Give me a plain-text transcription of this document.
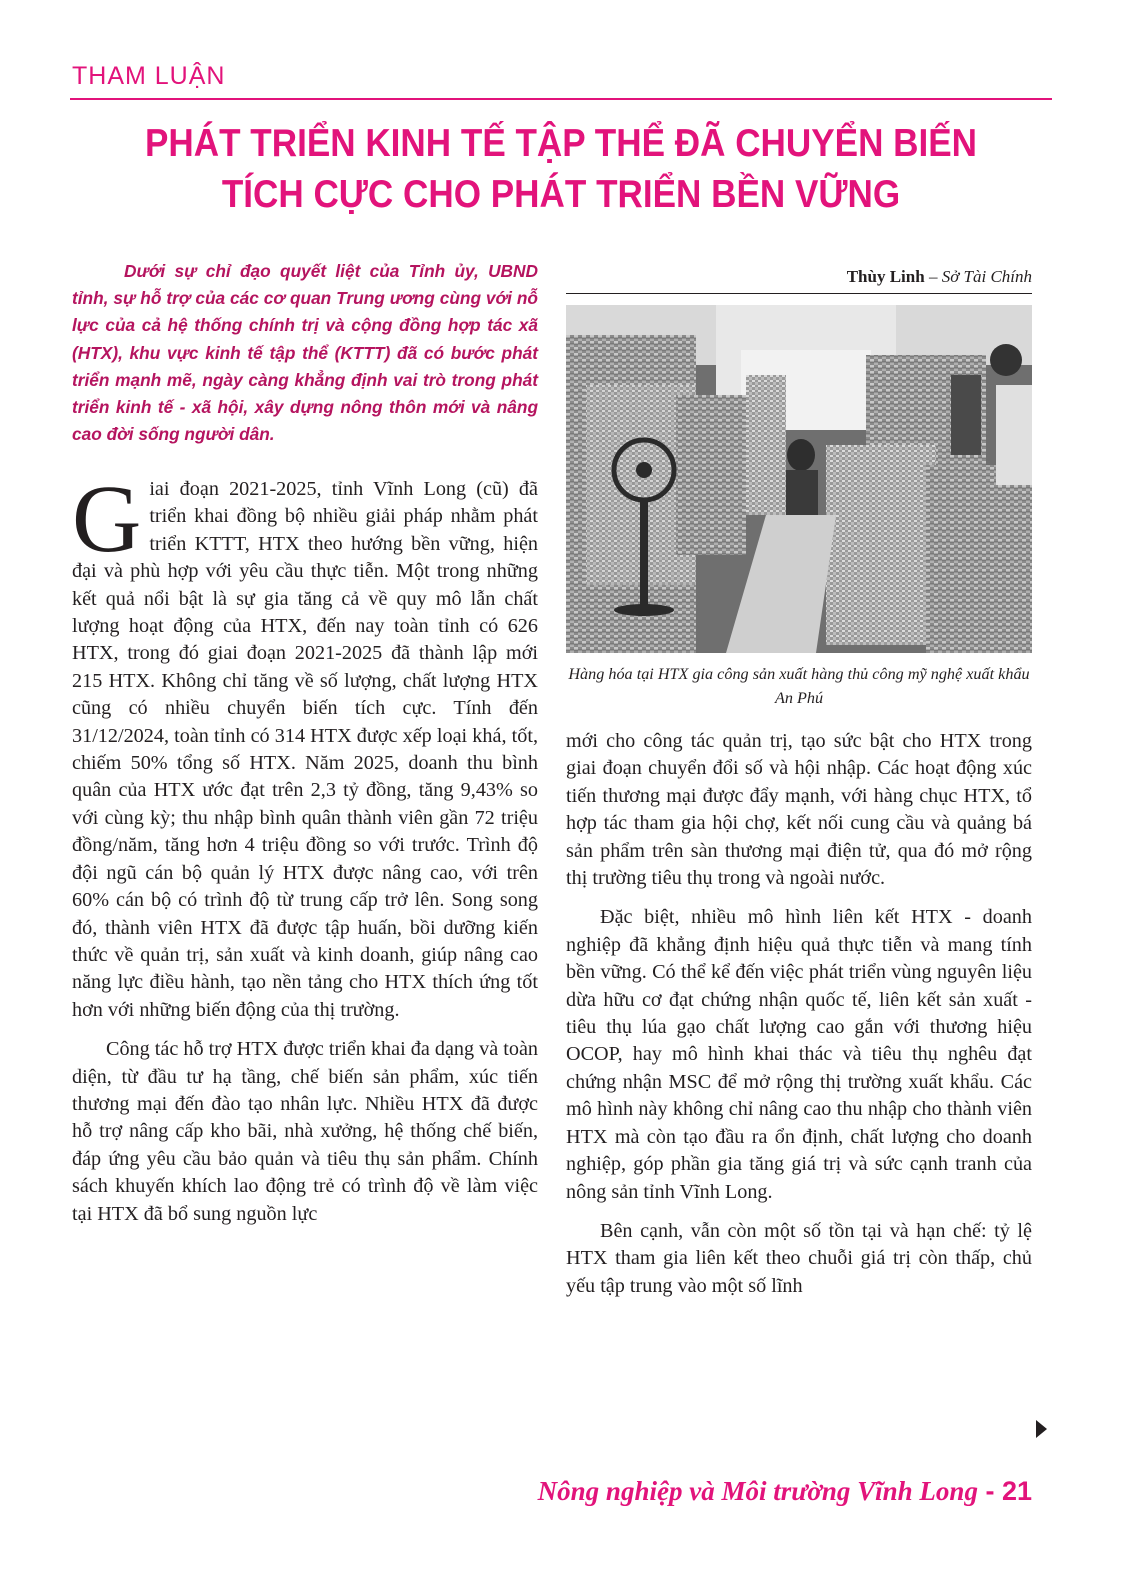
THAM LUẬN
PHÁT TRIỂN KINH TẾ TẬP THỂ ĐÃ CHUYỂN BIẾN
TÍCH CỰC CHO PHÁT TRIỂN BỀN VỮNG

Dưới sự chỉ đạo quyết liệt của Tỉnh ủy, UBND tỉnh, sự hỗ trợ của các cơ quan Trung ương cùng với nỗ lực của cả hệ thống chính trị và cộng đồng hợp tác xã (HTX), khu vực kinh tế tập thể (KTTT) đã có bước phát triển mạnh mẽ, ngày càng khẳng định vai trò trong phát triển kinh tế - xã hội, xây dựng nông thôn mới và nâng cao đời sống người dân.

Thùy Linh – Sở Tài Chính

Hàng hóa tại HTX gia công sản xuất hàng thủ công mỹ nghệ xuất khẩu An Phú

Giai đoạn 2021-2025, tỉnh Vĩnh Long (cũ) đã triển khai đồng bộ nhiều giải pháp nhằm phát triển KTTT, HTX theo hướng bền vững, hiện đại và phù hợp với yêu cầu thực tiễn. Một trong những kết quả nổi bật là sự gia tăng cả về quy mô lẫn chất lượng hoạt động của HTX, đến nay toàn tỉnh có 626 HTX, trong đó giai đoạn 2021-2025 đã thành lập mới 215 HTX. Không chỉ tăng về số lượng, chất lượng HTX cũng có nhiều chuyển biến tích cực. Tính đến 31/12/2024, toàn tỉnh có 314 HTX được xếp loại khá, tốt, chiếm 50% tổng số HTX. Năm 2025, doanh thu bình quân của HTX ước đạt trên 2,3 tỷ đồng, tăng 9,43% so với cùng kỳ; thu nhập bình quân thành viên gần 72 triệu đồng/năm, tăng hơn 4 triệu đồng so với trước. Trình độ đội ngũ cán bộ quản lý HTX được nâng cao, với trên 60% cán bộ có trình độ từ trung cấp trở lên. Song song đó, thành viên HTX đã được tập huấn, bồi dưỡng kiến thức về quản trị, sản xuất và kinh doanh, giúp nâng cao năng lực điều hành, tạo nền tảng cho HTX thích ứng tốt hơn với những biến động của thị trường.

Công tác hỗ trợ HTX được triển khai đa dạng và toàn diện, từ đầu tư hạ tầng, chế biến sản phẩm, xúc tiến thương mại đến đào tạo nhân lực. Nhiều HTX đã được hỗ trợ nâng cấp kho bãi, nhà xưởng, hệ thống chế biến, đáp ứng yêu cầu bảo quản và tiêu thụ sản phẩm. Chính sách khuyến khích lao động trẻ có trình độ về làm việc tại HTX đã bổ sung nguồn lực

mới cho công tác quản trị, tạo sức bật cho HTX trong giai đoạn chuyển đổi số và hội nhập. Các hoạt động xúc tiến thương mại được đẩy mạnh, với hàng chục HTX, tổ hợp tác tham gia hội chợ, kết nối cung cầu và quảng bá sản phẩm trên sàn thương mại điện tử, qua đó mở rộng thị trường tiêu thụ trong và ngoài nước.

Đặc biệt, nhiều mô hình liên kết HTX - doanh nghiệp đã khẳng định hiệu quả thực tiễn và mang tính bền vững. Có thể kể đến việc phát triển vùng nguyên liệu dừa hữu cơ đạt chứng nhận quốc tế, liên kết sản xuất - tiêu thụ lúa gạo chất lượng cao gắn với thương hiệu OCOP, hay mô hình khai thác và tiêu thụ nghêu đạt chứng nhận MSC để mở rộng thị trường xuất khẩu. Các mô hình này không chỉ nâng cao thu nhập cho thành viên HTX mà còn tạo đầu ra ổn định, chất lượng cho doanh nghiệp, góp phần gia tăng giá trị và sức cạnh tranh của nông sản tỉnh Vĩnh Long.

Bên cạnh, vẫn còn một số tồn tại và hạn chế: tỷ lệ HTX tham gia liên kết theo chuỗi giá trị còn thấp, chủ yếu tập trung vào một số lĩnh

Nông nghiệp và Môi trường Vĩnh Long - 21
